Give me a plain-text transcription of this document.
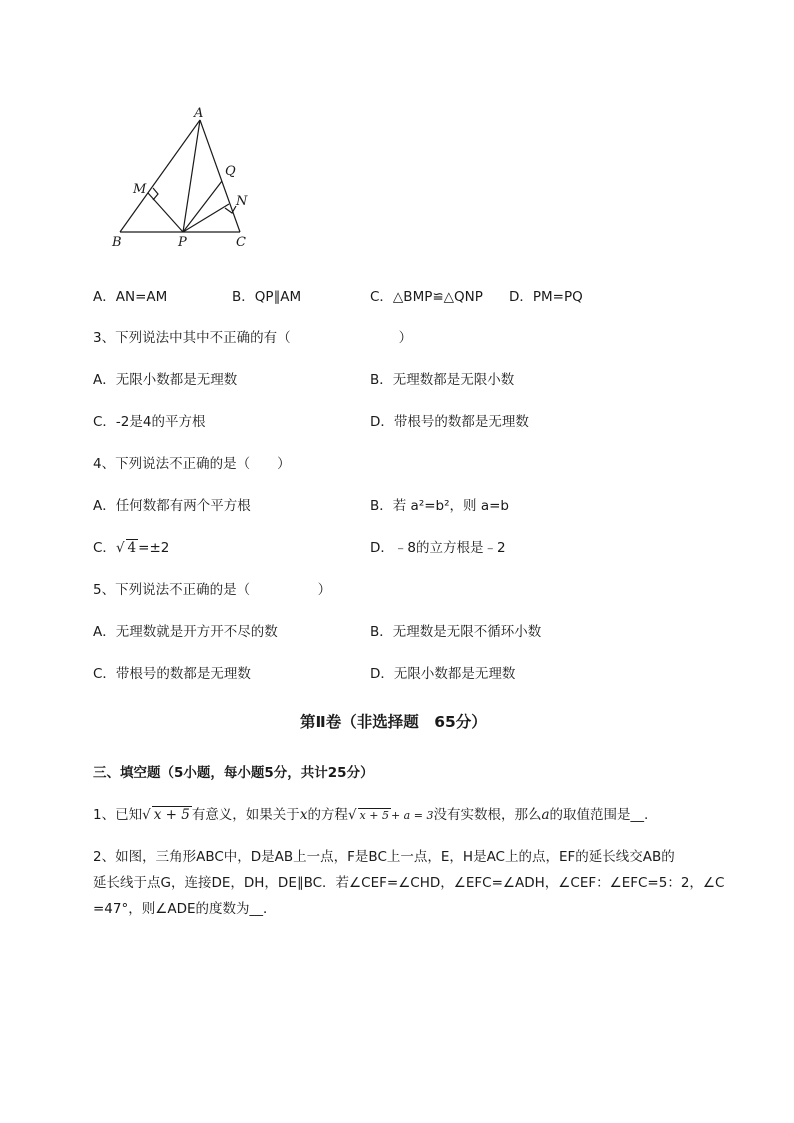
A
M
Q
N
B	P	C
A．AN=AM	B．QP∥AM	C．△BMP≌△QNP D．PM=PQ
3、下列说法中其中不正确的有（　　　　　　　　）
A．无限小数都是无理数	B．无理数都是无限小数
C．-2是4的平方根	D．带根号的数都是无理数
4、下列说法不正确的是（　　）
A．任何数都有两个平方根	B．若 a²=b²，则 a=b
C．√ 4 =±2	D．﹣8的立方根是﹣2
5、下列说法不正确的是（　　　　　）
A．无理数就是开方开不尽的数	B．无理数是无限不循环小数
C．带根号的数都是无理数	D．无限小数都是无理数
第Ⅱ卷（非选择题　65分）
三、填空题（5小题，每小题5分，共计25分）
1、已知√ x + 5 有意义，如果关于x的方程√ x + 5 + a = 3没有实数根，那么a的取值范围是__.
2、如图，三角形ABC中，D是AB上一点，F是BC上一点，E，H是AC上的点，EF的延长线交AB的
延长线于点G，连接DE，DH，DE∥BC．若∠CEF=∠CHD，∠EFC=∠ADH，∠CEF：∠EFC=5：2，∠C
=47°，则∠ADE的度数为__．
